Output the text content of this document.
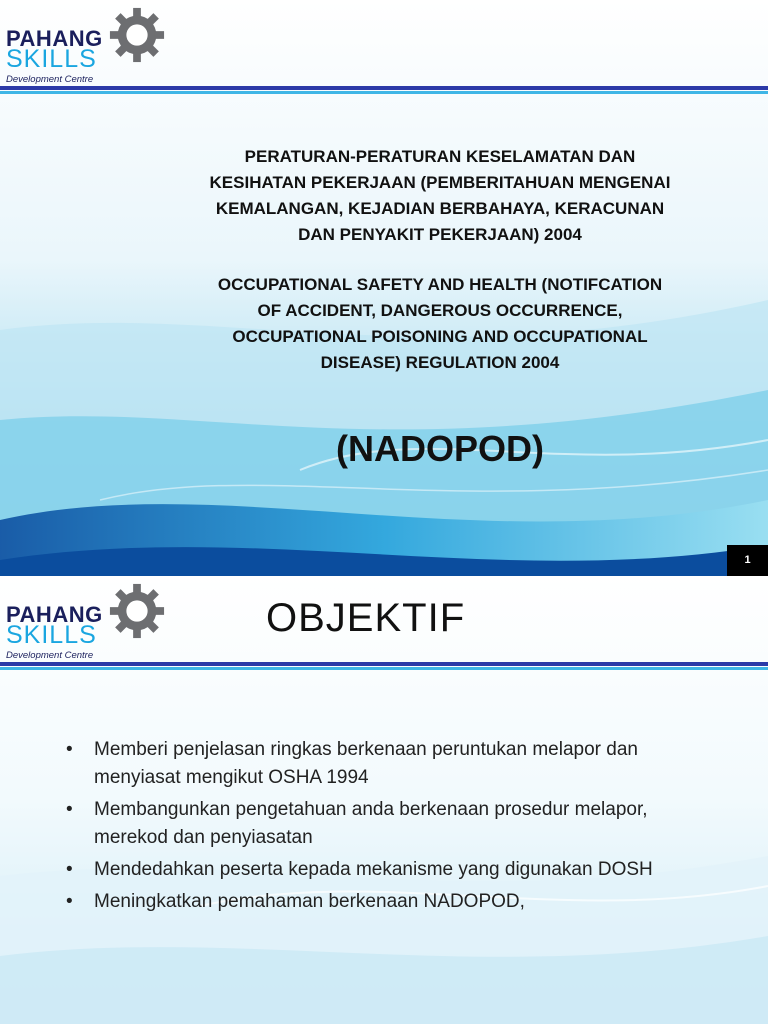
PAHANG
SKILLS
Development Centre
PERATURAN-PERATURAN KESELAMATAN DAN
KESIHATAN PEKERJAAN (PEMBERITAHUAN MENGENAI
KEMALANGAN, KEJADIAN BERBAHAYA, KERACUNAN
DAN PENYAKIT PEKERJAAN) 2004
OCCUPATIONAL SAFETY AND HEALTH (NOTIFCATION
OF ACCIDENT, DANGEROUS OCCURRENCE,
OCCUPATIONAL POISONING AND OCCUPATIONAL
DISEASE) REGULATION 2004
(NADOPOD)
1
PAHANG
SKILLS
Development Centre
OBJEKTIF
• Memberi penjelasan ringkas berkenaan peruntukan melapor dan
menyiasat mengikut OSHA 1994
• Membangunkan pengetahuan anda berkenaan prosedur melapor,
merekod dan penyiasatan
• Mendedahkan peserta kepada mekanisme yang digunakan DOSH
• Meningkatkan pemahaman berkenaan NADOPOD,
